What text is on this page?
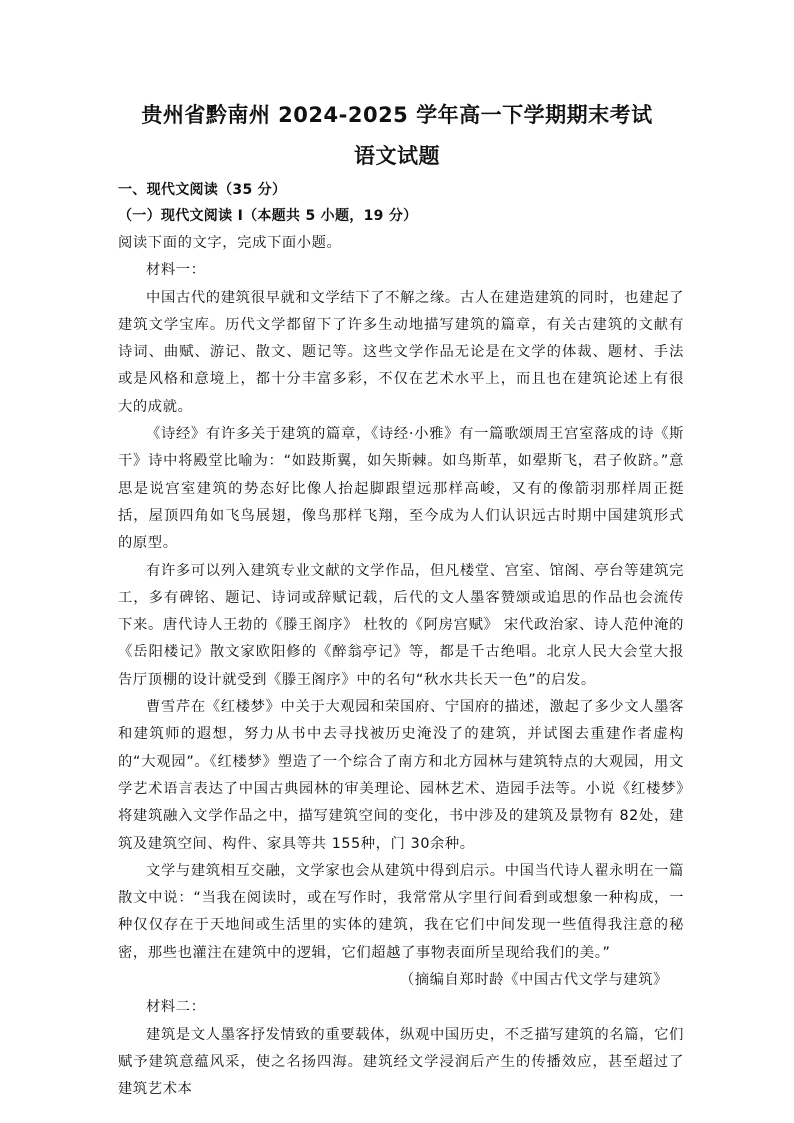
贵州省黔南州 2024-2025 学年高一下学期期末考试
语文试题
一、现代文阅读（35 分）
（一）现代文阅读 I（本题共 5 小题，19 分）

阅读下面的文字，完成下面小题。

材料一：

中国古代的建筑很早就和文学结下了不解之缘。古人在建造建筑的同时，也建起了建筑文学宝库。历代文学都留下了许多生动地描写建筑的篇章，有关古建筑的文献有诗词、曲赋、游记、散文、题记等。这些文学作品无论是在文学的体裁、题材、手法或是风格和意境上，都十分丰富多彩，不仅在艺术水平上，而且也在建筑论述上有很大的成就。

《诗经》有许多关于建筑的篇章，《诗经·小雅》有一篇歌颂周王宫室落成的诗《斯干》诗中将殿堂比喻为：“如跂斯翼，如矢斯棘。如鸟斯革，如翚斯飞，君子攸跻。”意思是说宫室建筑的势态好比像人抬起脚跟望远那样高峻，又有的像箭羽那样周正挺括，屋顶四角如飞鸟展翅，像鸟那样飞翔，至今成为人们认识远古时期中国建筑形式的原型。

有许多可以列入建筑专业文献的文学作品，但凡楼堂、宫室、馆阁、亭台等建筑完工，多有碑铭、题记、诗词或辞赋记载，后代的文人墨客赞颂或追思的作品也会流传下来。唐代诗人王勃的《滕王阁序》 杜牧的《阿房宫赋》 宋代政治家、诗人范仲淹的《岳阳楼记》散文家欧阳修的《醉翁亭记》等，都是千古绝唱。北京人民大会堂大报告厅顶棚的设计就受到《滕王阁序》中的名句“秋水共长天一色”的启发。

曹雪芹在《红楼梦》中关于大观园和荣国府、宁国府的描述，激起了多少文人墨客和建筑师的遐想，努力从书中去寻找被历史淹没了的建筑，并试图去重建作者虚构的“大观园”。《红楼梦》塑造了一个综合了南方和北方园林与建筑特点的大观园，用文学艺术语言表达了中国古典园林的审美理论、园林艺术、造园手法等。小说《红楼梦》将建筑融入文学作品之中，描写建筑空间的变化，书中涉及的建筑及景物有 82处，建筑及建筑空间、构件、家具等共 155种，门 30余种。

文学与建筑相互交融，文学家也会从建筑中得到启示。中国当代诗人翟永明在一篇散文中说：“当我在阅读时，或在写作时，我常常从字里行间看到或想象一种构成，一种仅仅存在于天地间或生活里的实体的建筑，我在它们中间发现一些值得我注意的秘密，那些也灌注在建筑中的逻辑，它们超越了事物表面所呈现给我们的美。”

（摘编自郑时龄《中国古代文学与建筑》

材料二：

建筑是文人墨客抒发情致的重要载体，纵观中国历史，不乏描写建筑的名篇，它们赋予建筑意蕴风采，使之名扬四海。建筑经文学浸润后产生的传播效应，甚至超过了建筑艺术本
